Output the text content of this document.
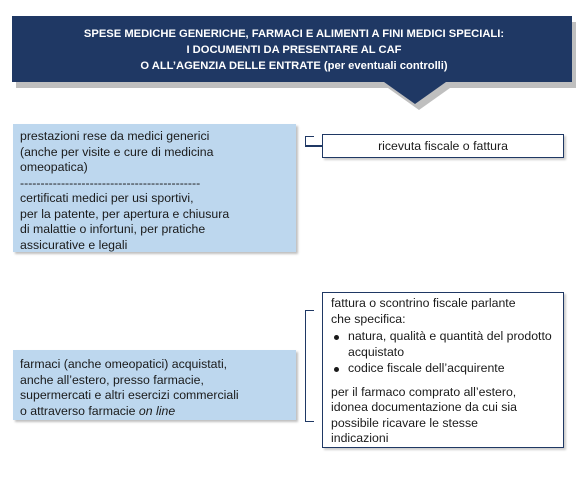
SPESE MEDICHE GENERICHE, FARMACI E ALIMENTI A FINI MEDICI SPECIALI:
I DOCUMENTI DA PRESENTARE AL CAF
O ALL’AGENZIA DELLE ENTRATE (per eventuali controlli)
prestazioni rese da medici generici
(anche per visite e cure di medicina
omeopatica)
--------------------------------------------
certificati medici per usi sportivi,
per la patente, per apertura e chiusura
di malattie o infortuni, per pratiche
assicurative e legali
ricevuta fiscale o fattura
farmaci (anche omeopatici) acquistati,
anche all’estero, presso farmacie,
supermercati e altri esercizi commerciali
o attraverso farmacie on line
fattura o scontrino fiscale parlante
che specifica:
natura, qualità e quantità del prodotto acquistato
codice fiscale dell’acquirente
per il farmaco comprato all’estero,
idonea documentazione da cui sia
possibile ricavare le stesse
indicazioni
